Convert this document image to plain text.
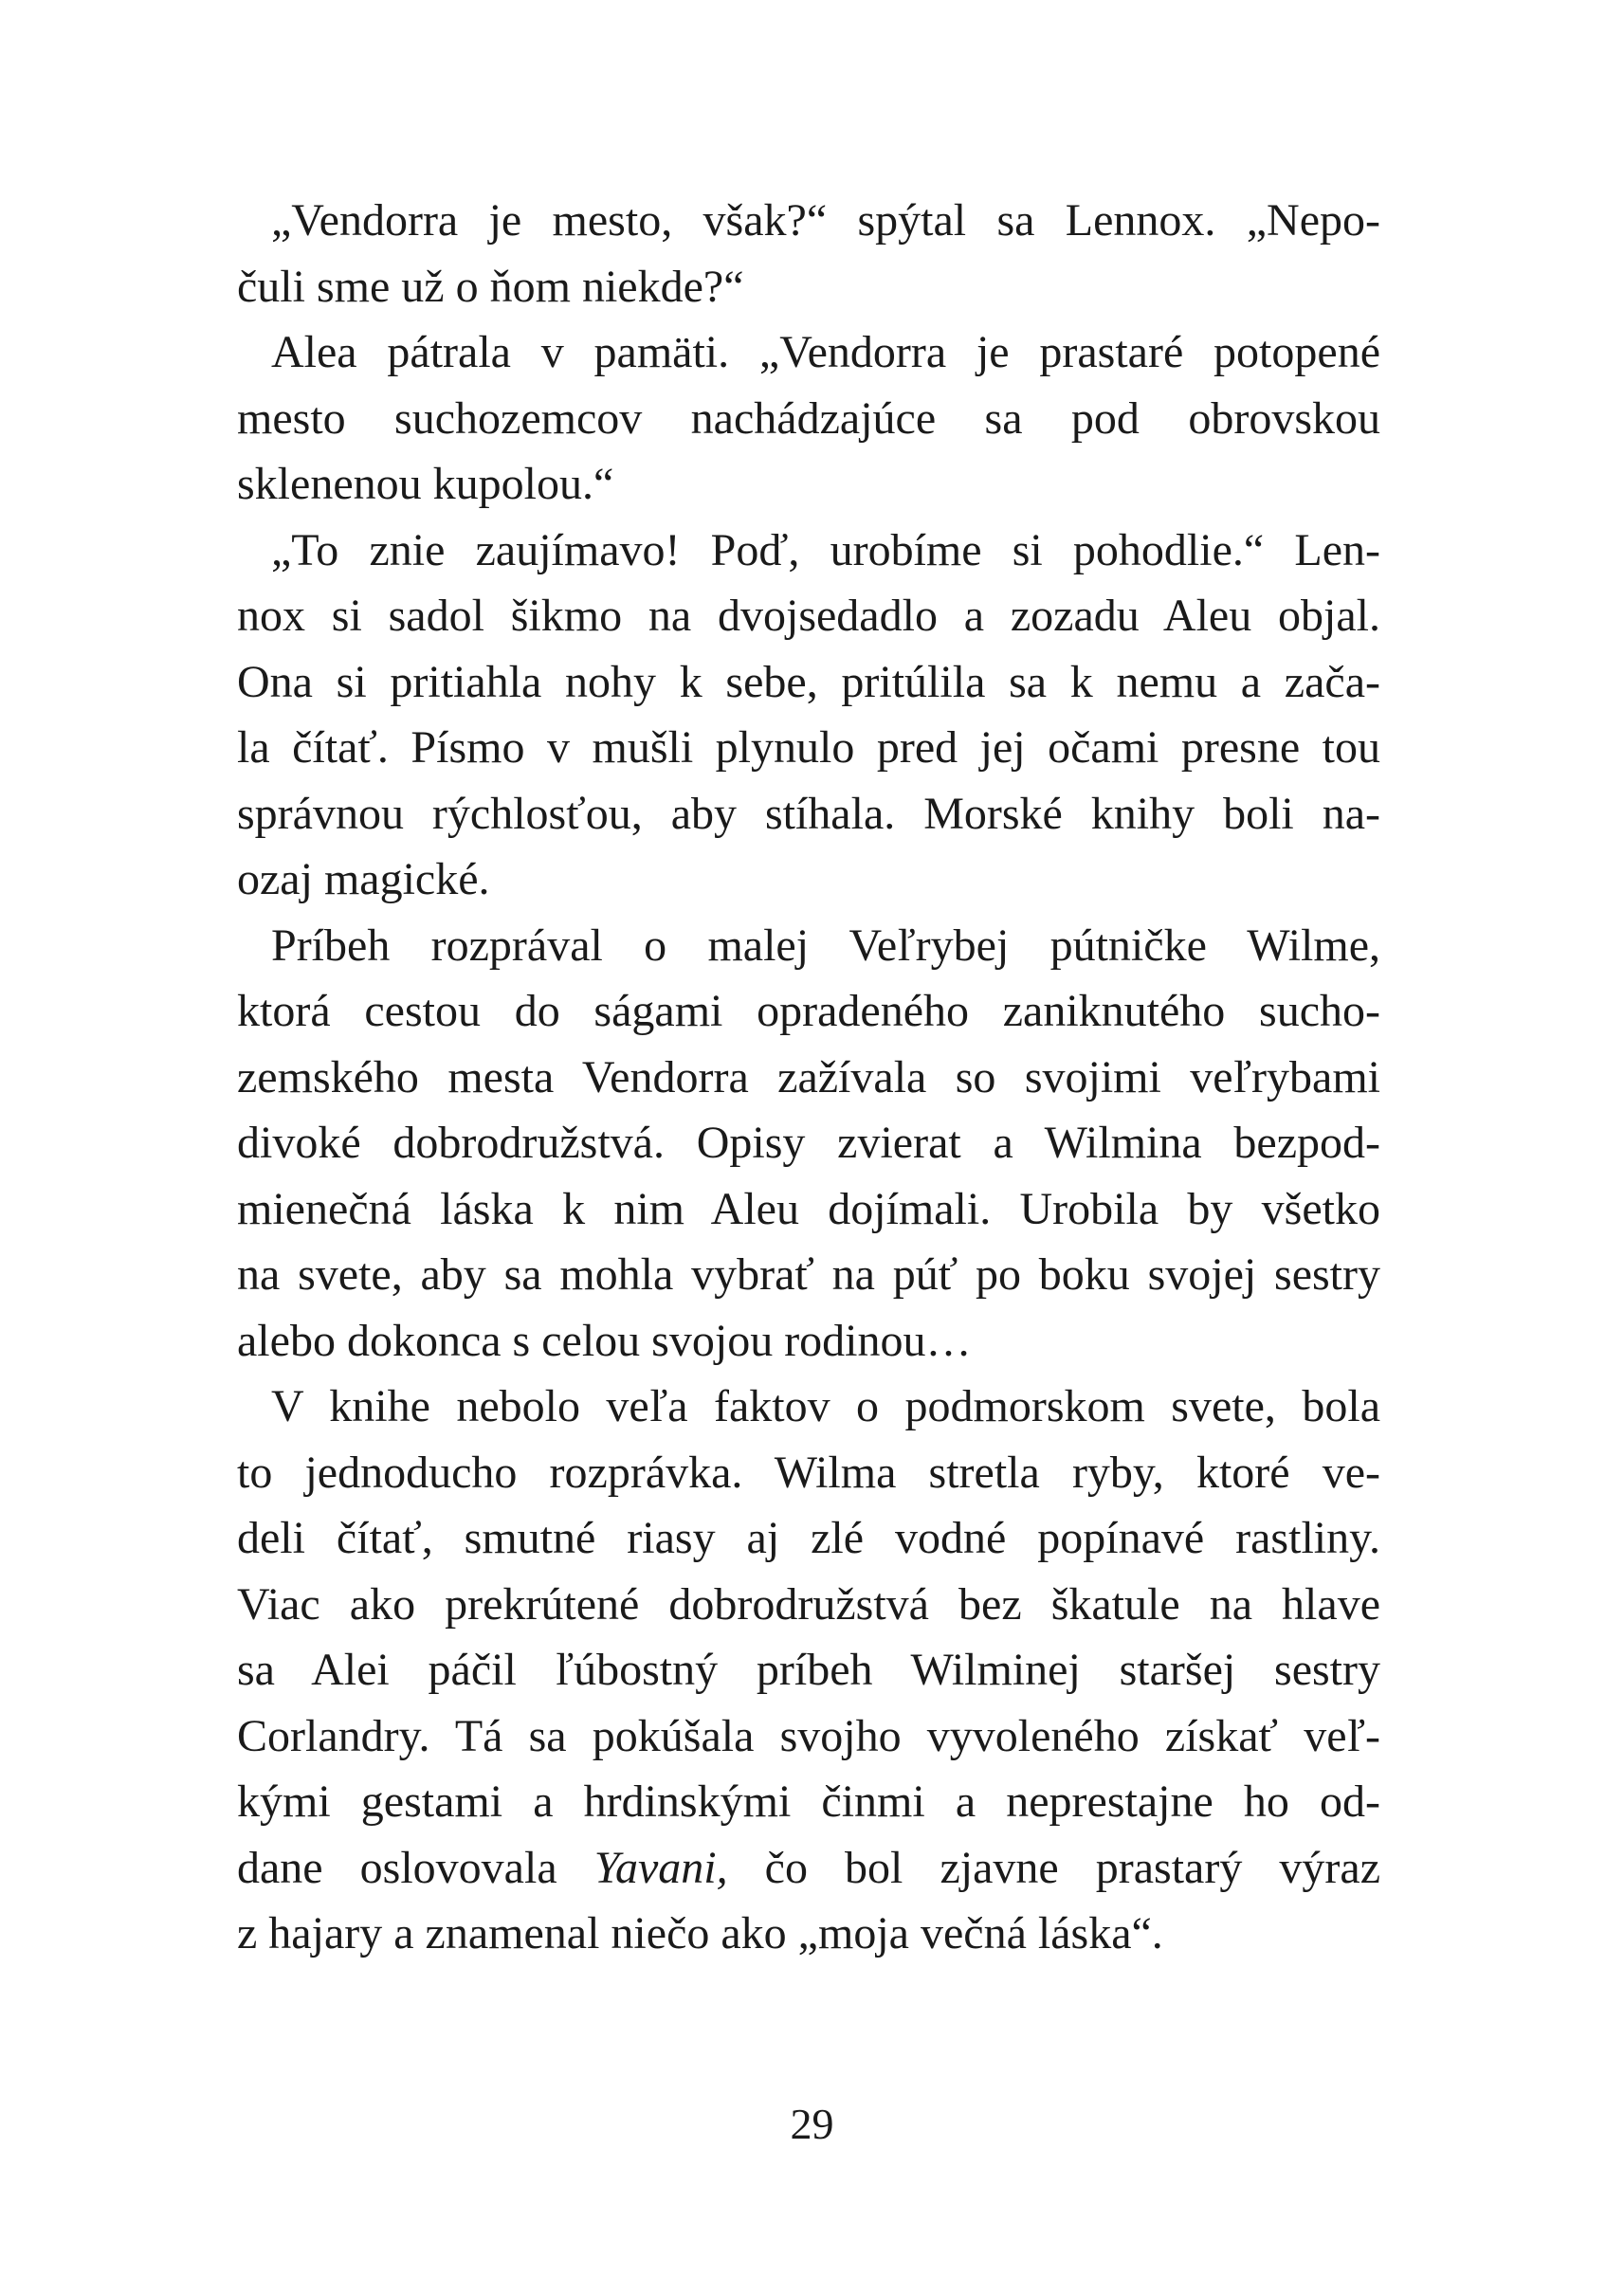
„Vendorra je mesto, však?“ spýtal sa Lennox. „Nepo-
čuli sme už o ňom niekde?“
Alea pátrala v pamäti. „Vendorra je prastaré potopené
mesto suchozemcov nachádzajúce sa pod obrovskou
sklenenou kupolou.“
„To znie zaujímavo! Poď, urobíme si pohodlie.“ Len-
nox si sadol šikmo na dvojsedadlo a zozadu Aleu objal.
Ona si pritiahla nohy k sebe, pritúlila sa k nemu a zača-
la čítať. Písmo v mušli plynulo pred jej očami presne tou
správnou rýchlosťou, aby stíhala. Morské knihy boli na-
ozaj magické.
Príbeh rozprával o malej Veľrybej pútničke Wilme,
ktorá cestou do ságami opradeného zaniknutého sucho-
zemského mesta Vendorra zažívala so svojimi veľrybami
divoké dobrodružstvá. Opisy zvierat a Wilmina bezpod-
mienečná láska k nim Aleu dojímali. Urobila by všetko
na svete, aby sa mohla vybrať na púť po boku svojej sestry
alebo dokonca s celou svojou rodinou…
V knihe nebolo veľa faktov o podmorskom svete, bola
to jednoducho rozprávka. Wilma stretla ryby, ktoré ve-
deli čítať, smutné riasy aj zlé vodné popínavé rastliny.
Viac ako prekrútené dobrodružstvá bez škatule na hlave
sa Alei páčil ľúbostný príbeh Wilminej staršej sestry
Corlandry. Tá sa pokúšala svojho vyvoleného získať veľ-
kými gestami a hrdinskými činmi a neprestajne ho od-
dane oslovovala Yavani, čo bol zjavne prastarý výraz
z hajary a znamenal niečo ako „moja večná láska“.
29
